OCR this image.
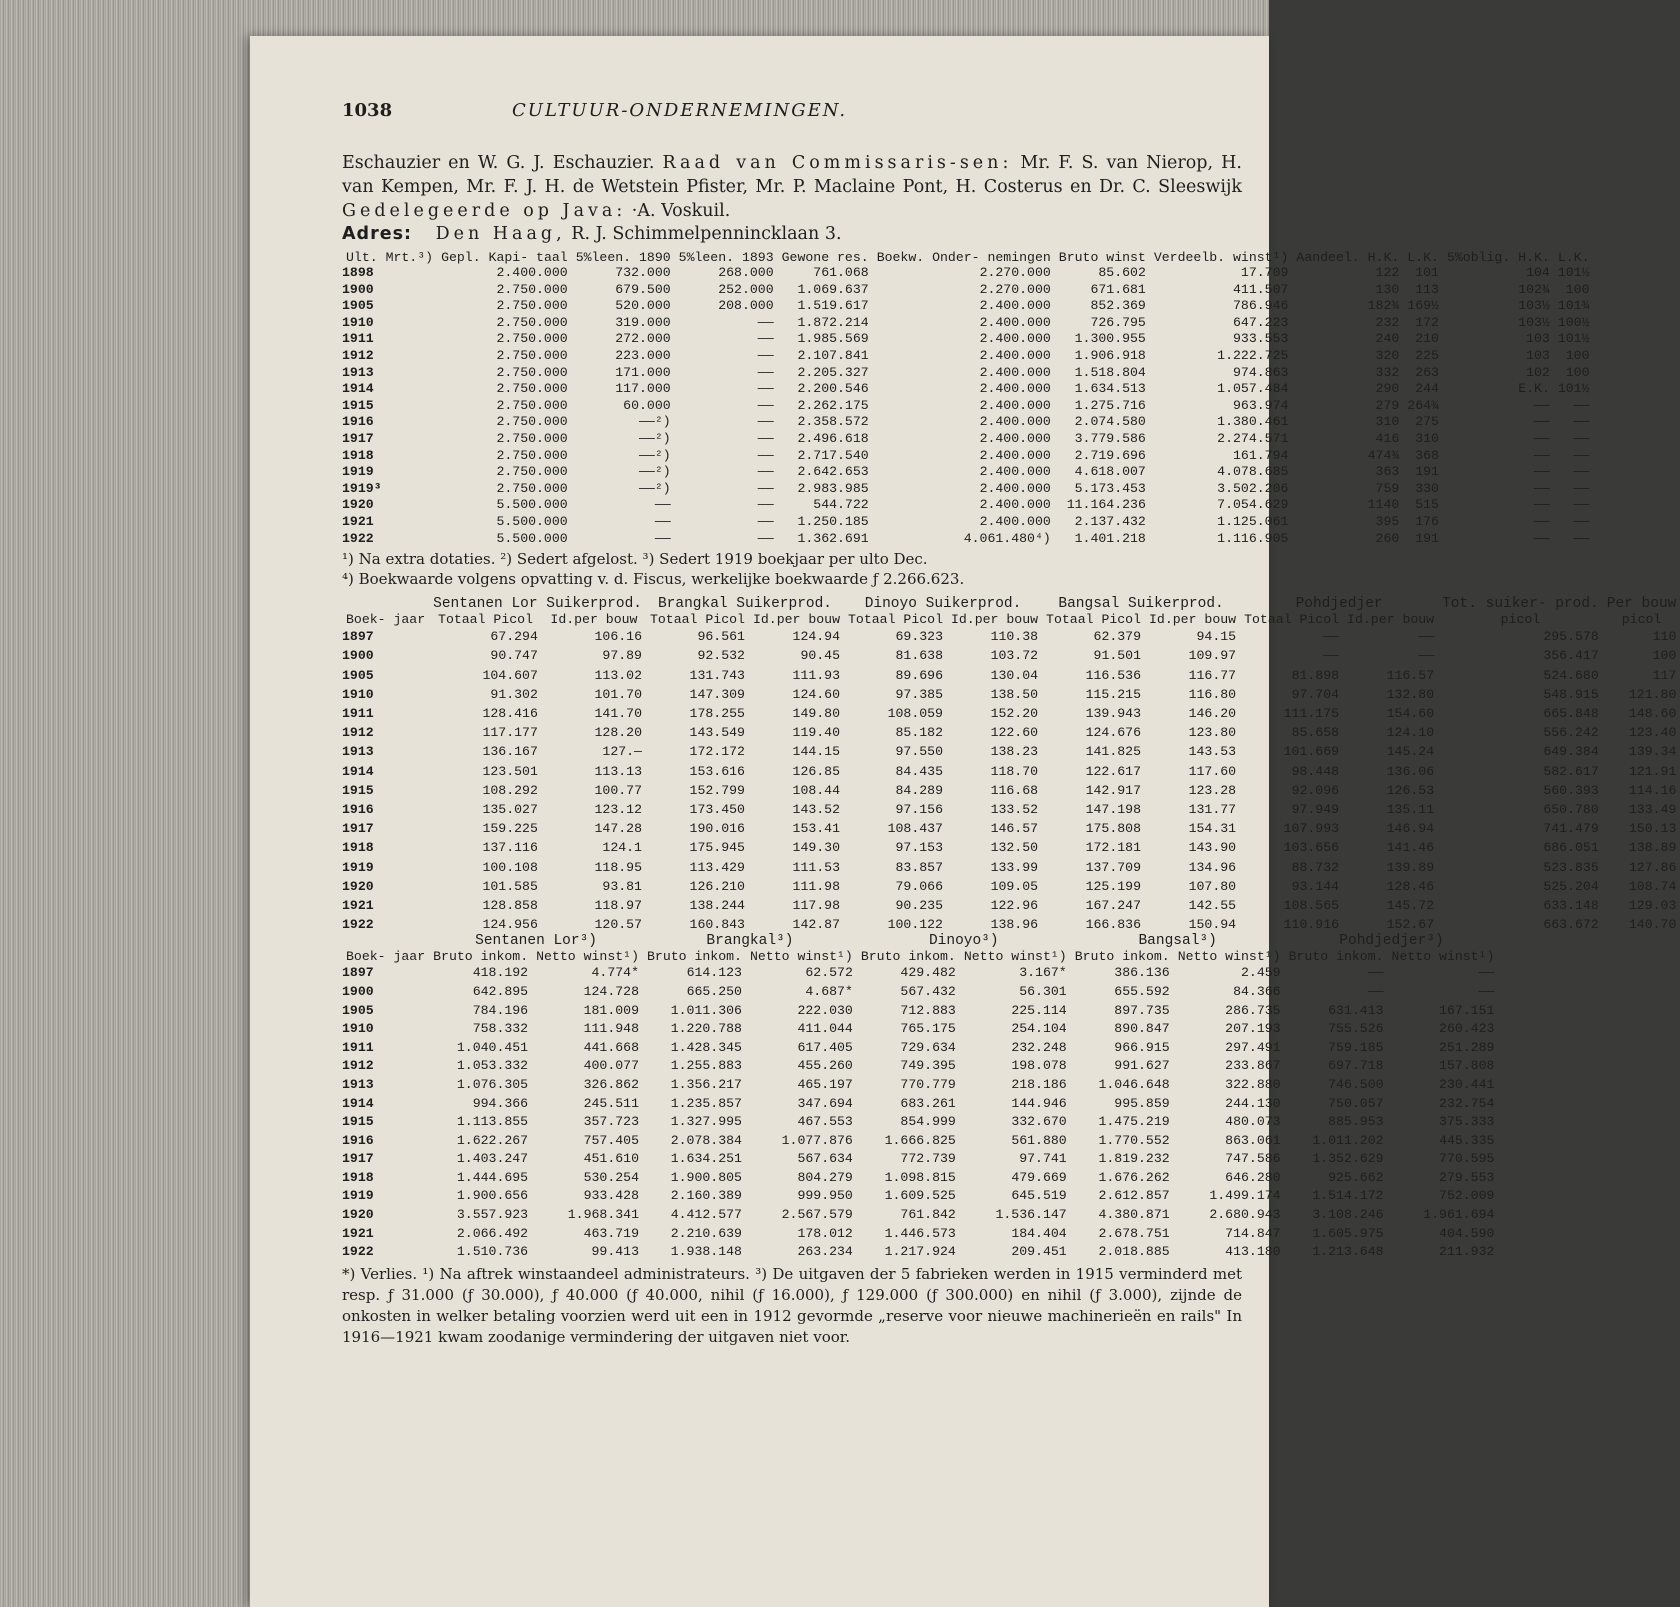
1038	CULTUUR-ONDERNEMINGEN.
Eschauzier en W. G. J. Eschauzier. Raad van Commissaris-sen: Mr. F. S. van Nierop, H. van Kempen, Mr. F. J. H. de Wetstein Pfister, Mr. P. Maclaine Pont, H. Costerus en Dr. C. Sleeswijk Gedelegeerde op Java: ·A. Voskuil.
Adres: Den Haag, R. J. Schimmelpennincklaan 3.
Ult. Mrt.³)	Gepl. Kapi- taal	5%leen. 1890	5%leen. 1893	Gewone res.	Boekw. Onder- nemingen	Bruto winst	Verdeelb. winst¹)	Aandeel. H.K.	L.K.	5%oblig. H.K.	L.K.
1898	2.400.000	732.000	268.000	761.068	2.270.000	85.602	17.709	122	101	104	101½
1900	2.750.000	679.500	252.000	1.069.637	2.270.000	671.681	411.507	130	113	102¾	100
1905	2.750.000	520.000	208.000	1.519.617	2.400.000	852.369	786.946	182¾	169½	103½	101¾
1910	2.750.000	319.000	——	1.872.214	2.400.000	726.795	647.223	232	172	103½	100½
1911	2.750.000	272.000	——	1.985.569	2.400.000	1.300.955	933.553	240	210	103	101½
1912	2.750.000	223.000	——	2.107.841	2.400.000	1.906.918	1.222.725	320	225	103	100
1913	2.750.000	171.000	——	2.205.327	2.400.000	1.518.804	974.863	332	263	102	100
1914	2.750.000	117.000	——	2.200.546	2.400.000	1.634.513	1.057.484	290	244	E.K.	101½
1915	2.750.000	60.000	——	2.262.175	2.400.000	1.275.716	963.974	279	264¾	——	——
1916	2.750.000	——²)	——	2.358.572	2.400.000	2.074.580	1.380.461	310	275	——	——
1917	2.750.000	——²)	——	2.496.618	2.400.000	3.779.586	2.274.571	416	310	——	——
1918	2.750.000	——²)	——	2.717.540	2.400.000	2.719.696	161.794	474¾	368	——	——
1919	2.750.000	——²)	——	2.642.653	2.400.000	4.618.007	4.078.685	363	191	——	——
1919³	2.750.000	——²)	——	2.983.985	2.400.000	5.173.453	3.502.206	759	330	——	——
1920	5.500.000	——	——	544.722	2.400.000	11.164.236	7.054.629	1140	515	——	——
1921	5.500.000	——	——	1.250.185	2.400.000	2.137.432	1.125.061	395	176	——	——
1922	5.500.000	——	——	1.362.691	4.061.480⁴)	1.401.218	1.116.905	260	191	——	——
¹) Na extra dotaties. ²) Sedert afgelost. ³) Sedert 1919 boekjaar per ulto Dec.
⁴) Boekwaarde volgens opvatting v. d. Fiscus, werkelijke boekwaarde ƒ 2.266.623.
	Sentanen Lor Suikerprod.		Brangkal Suikerprod.		Dinoyo Suikerprod.		Bangsal Suikerprod.		Pohdjedjer		Tot. suiker- prod.	Per bouw
Boek- jaar	Totaal Picol	Id.per bouw	Totaal Picol	Id.per bouw	Totaal Picol	Id.per bouw	Totaal Picol	Id.per bouw	Totaal Picol	Id.per bouw	picol	picol
1897	67.294	106.16	96.561	124.94	69.323	110.38	62.379	94.15	——	——	295.578	110
1900	90.747	97.89	92.532	90.45	81.638	103.72	91.501	109.97	——	——	356.417	100
1905	104.607	113.02	131.743	111.93	89.696	130.04	116.536	116.77	81.898	116.57	524.680	117
1910	91.302	101.70	147.309	124.60	97.385	138.50	115.215	116.80	97.704	132.80	548.915	121.80
1911	128.416	141.70	178.255	149.80	108.059	152.20	139.943	146.20	111.175	154.60	665.848	148.60
1912	117.177	128.20	143.549	119.40	85.182	122.60	124.676	123.80	85.658	124.10	556.242	123.40
1913	136.167	127.—	172.172	144.15	97.550	138.23	141.825	143.53	101.669	145.24	649.384	139.34
1914	123.501	113.13	153.616	126.85	84.435	118.70	122.617	117.60	98.448	136.06	582.617	121.91
1915	108.292	100.77	152.799	108.44	84.289	116.68	142.917	123.28	92.096	126.53	560.393	114.16
1916	135.027	123.12	173.450	143.52	97.156	133.52	147.198	131.77	97.949	135.11	650.780	133.49
1917	159.225	147.28	190.016	153.41	108.437	146.57	175.808	154.31	107.993	146.94	741.479	150.13
1918	137.116	124.1	175.945	149.30	97.153	132.50	172.181	143.90	103.656	141.46	686.051	138.89
1919	100.108	118.95	113.429	111.53	83.857	133.99	137.709	134.96	88.732	139.89	523.835	127.86
1920	101.585	93.81	126.210	111.98	79.066	109.05	125.199	107.80	93.144	128.46	525.204	108.74
1921	128.858	118.97	138.244	117.98	90.235	122.96	167.247	142.55	108.565	145.72	633.148	129.03
1922	124.956	120.57	160.843	142.87	100.122	138.96	166.836	150.94	110.916	152.67	663.672	140.70
	Sentanen Lor³)		Brangkal³)		Dinoyo³)		Bangsal³)		Pohdjedjer³)	
Boek- jaar	Bruto inkom.	Netto winst¹)	Bruto inkom.	Netto winst¹)	Bruto inkom.	Netto winst¹)	Bruto inkom.	Netto winst¹)	Bruto inkom.	Netto winst¹)
1897	418.192	4.774*	614.123	62.572	429.482	3.167*	386.136	2.459	——	——
1900	642.895	124.728	665.250	4.687*	567.432	56.301	655.592	84.366	——	——
1905	784.196	181.009	1.011.306	222.030	712.883	225.114	897.735	286.735	631.413	167.151
1910	758.332	111.948	1.220.788	411.044	765.175	254.104	890.847	207.193	755.526	260.423
1911	1.040.451	441.668	1.428.345	617.405	729.634	232.248	966.915	297.491	759.185	251.289
1912	1.053.332	400.077	1.255.883	455.260	749.395	198.078	991.627	233.867	697.718	157.808
1913	1.076.305	326.862	1.356.217	465.197	770.779	218.186	1.046.648	322.880	746.500	230.441
1914	994.366	245.511	1.235.857	347.694	683.261	144.946	995.859	244.130	750.057	232.754
1915	1.113.855	357.723	1.327.995	467.553	854.999	332.670	1.475.219	480.073	885.953	375.333
1916	1.622.267	757.405	2.078.384	1.077.876	1.666.825	561.880	1.770.552	863.061	1.011.202	445.335
1917	1.403.247	451.610	1.634.251	567.634	772.739	97.741	1.819.232	747.586	1.352.629	770.595
1918	1.444.695	530.254	1.900.805	804.279	1.098.815	479.669	1.676.262	646.280	925.662	279.553
1919	1.900.656	933.428	2.160.389	999.950	1.609.525	645.519	2.612.857	1.499.174	1.514.172	752.009
1920	3.557.923	1.968.341	4.412.577	2.567.579	761.842	1.536.147	4.380.871	2.680.943	3.108.246	1.961.694
1921	2.066.492	463.719	2.210.639	178.012	1.446.573	184.404	2.678.751	714.847	1.605.975	404.590
1922	1.510.736	99.413	1.938.148	263.234	1.217.924	209.451	2.018.885	413.180	1.213.648	211.932
*) Verlies. ¹) Na aftrek winstaandeel administrateurs. ³) De uitgaven der 5 fabrieken werden in 1915 verminderd met resp. ƒ 31.000 (ƒ 30.000), ƒ 40.000 (ƒ 40.000, nihil (ƒ 16.000), ƒ 129.000 (ƒ 300.000) en nihil (ƒ 3.000), zijnde de onkosten in welker betaling voorzien werd uit een in 1912 gevormde „reserve voor nieuwe machinerieën en rails" In 1916—1921 kwam zoodanige vermindering der uitgaven niet voor.
